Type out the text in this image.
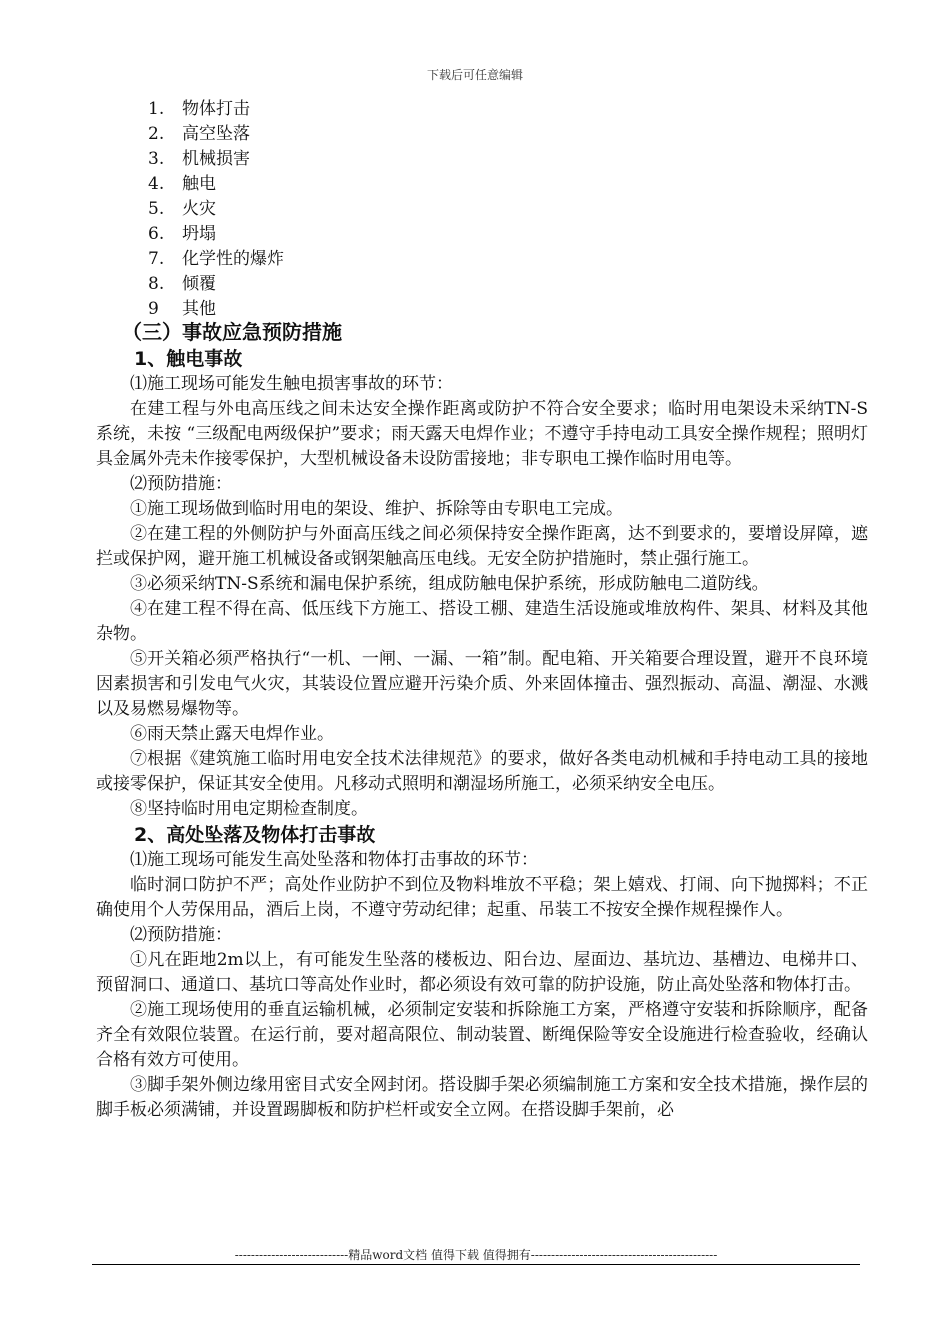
下载后可任意编辑
1. 物体打击
2. 高空坠落
3. 机械损害
4. 触电
5. 火灾
6. 坍塌
7. 化学性的爆炸
8. 倾覆
9 其他
（三）事故应急预防措施
1、触电事故
⑴施工现场可能发生触电损害事故的环节：
在建工程与外电高压线之间未达安全操作距离或防护不符合安全要求；临时用电架设未采纳TN-S系统，未按 “三级配电两级保护”要求；雨天露天电焊作业；不遵守手持电动工具安全操作规程；照明灯具金属外壳未作接零保护，大型机械设备未设防雷接地；非专职电工操作临时用电等。
⑵预防措施：
①施工现场做到临时用电的架设、维护、拆除等由专职电工完成。
②在建工程的外侧防护与外面高压线之间必须保持安全操作距离，达不到要求的，要增设屏障，遮拦或保护网，避开施工机械设备或钢架触高压电线。无安全防护措施时，禁止强行施工。
③必须采纳TN-S系统和漏电保护系统，组成防触电保护系统，形成防触电二道防线。
④在建工程不得在高、低压线下方施工、搭设工棚、建造生活设施或堆放构件、架具、材料及其他杂物。
⑤开关箱必须严格执行“一机、一闸、一漏、一箱”制。配电箱、开关箱要合理设置，避开不良环境因素损害和引发电气火灾，其装设位置应避开污染介质、外来固体撞击、强烈振动、高温、潮湿、水溅以及易燃易爆物等。
⑥雨天禁止露天电焊作业。
⑦根据《建筑施工临时用电安全技术法律规范》的要求，做好各类电动机械和手持电动工具的接地或接零保护，保证其安全使用。凡移动式照明和潮湿场所施工，必须采纳安全电压。
⑧坚持临时用电定期检查制度。
2、高处坠落及物体打击事故
⑴施工现场可能发生高处坠落和物体打击事故的环节：
临时洞口防护不严；高处作业防护不到位及物料堆放不平稳；架上嬉戏、打闹、向下抛掷料；不正确使用个人劳保用品，酒后上岗，不遵守劳动纪律；起重、吊装工不按安全操作规程操作人。
⑵预防措施：
①凡在距地2m以上，有可能发生坠落的楼板边、阳台边、屋面边、基坑边、基槽边、电梯井口、预留洞口、通道口、基坑口等高处作业时，都必须设有效可靠的防护设施，防止高处坠落和物体打击。
②施工现场使用的垂直运输机械，必须制定安装和拆除施工方案，严格遵守安装和拆除顺序，配备齐全有效限位装置。在运行前，要对超高限位、制动装置、断绳保险等安全设施进行检查验收，经确认合格有效方可使用。
③脚手架外侧边缘用密目式安全网封闭。搭设脚手架必须编制施工方案和安全技术措施，操作层的脚手板必须满铺，并设置踢脚板和防护栏杆或安全立网。在搭设脚手架前，必
----------------------------精品word文档 值得下载 值得拥有----------------------------------------------
